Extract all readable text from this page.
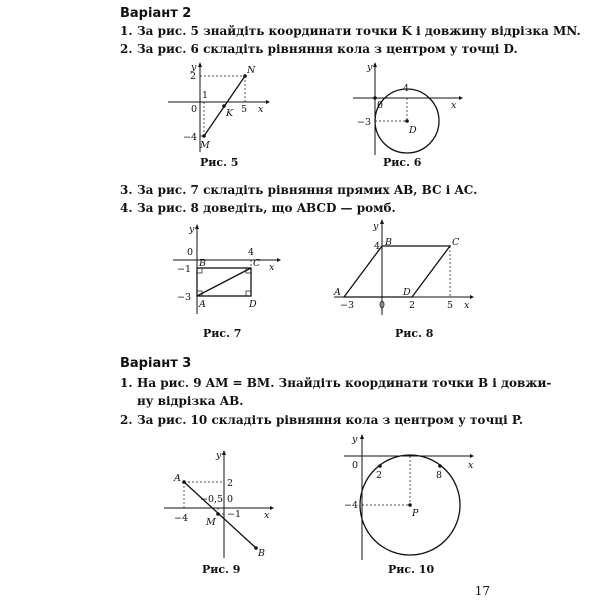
Варіант 2
1. За рис. 5 знайдіть координати точки K і довжину відрізка MN.
2. За рис. 6 складіть рівняння кола з центром у точці D.
y
x
0
1
5
2
−4
N
K
M
Рис. 5
y
x
0
4
−3
D
Рис. 6
3. За рис. 7 складіть рівняння прямих AB, BC і AC.
4. За рис. 8 доведіть, що ABCD — ромб.
y
0	4
−1
−3
B	C
A	D
x
Рис. 7
y
4 B	C
A	D
−3	0	2	5 x
Рис. 8
Варіант 3
1. На рис. 9 AM = BM. Знайдіть координати точки B і довжи-
ну відрізка AB.
2. За рис. 10 складіть рівняння кола з центром у точці P.
y
A	2
−4
−0,5 0
M
−1 x
B
Рис. 9
y
0
2	8
x
−4
P
Рис. 10
17
